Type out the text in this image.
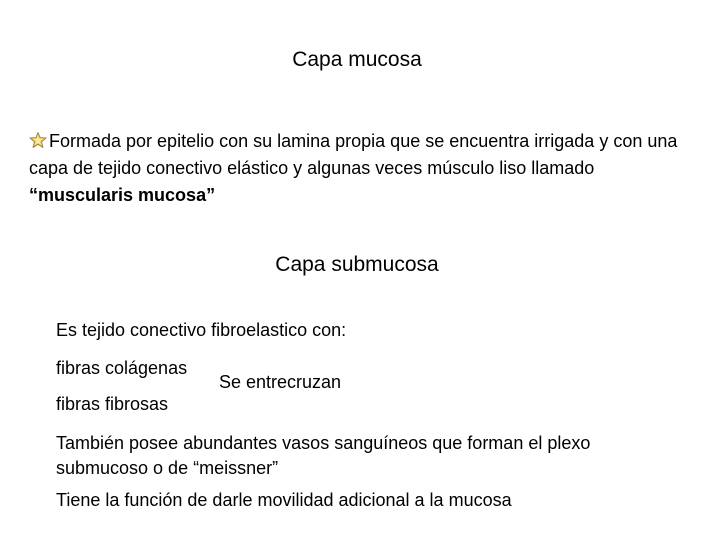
Capa mucosa
Formada por epitelio con su lamina propia que se encuentra irrigada y con una capa de tejido conectivo elástico y algunas veces músculo liso llamado “muscularis mucosa”
Capa submucosa
Es tejido conectivo fibroelastico con:
fibras colágenas
fibras fibrosas
Se entrecruzan
También posee abundantes vasos sanguíneos que forman el plexo submucoso o de “meissner”
Tiene la función de darle movilidad adicional a la mucosa
